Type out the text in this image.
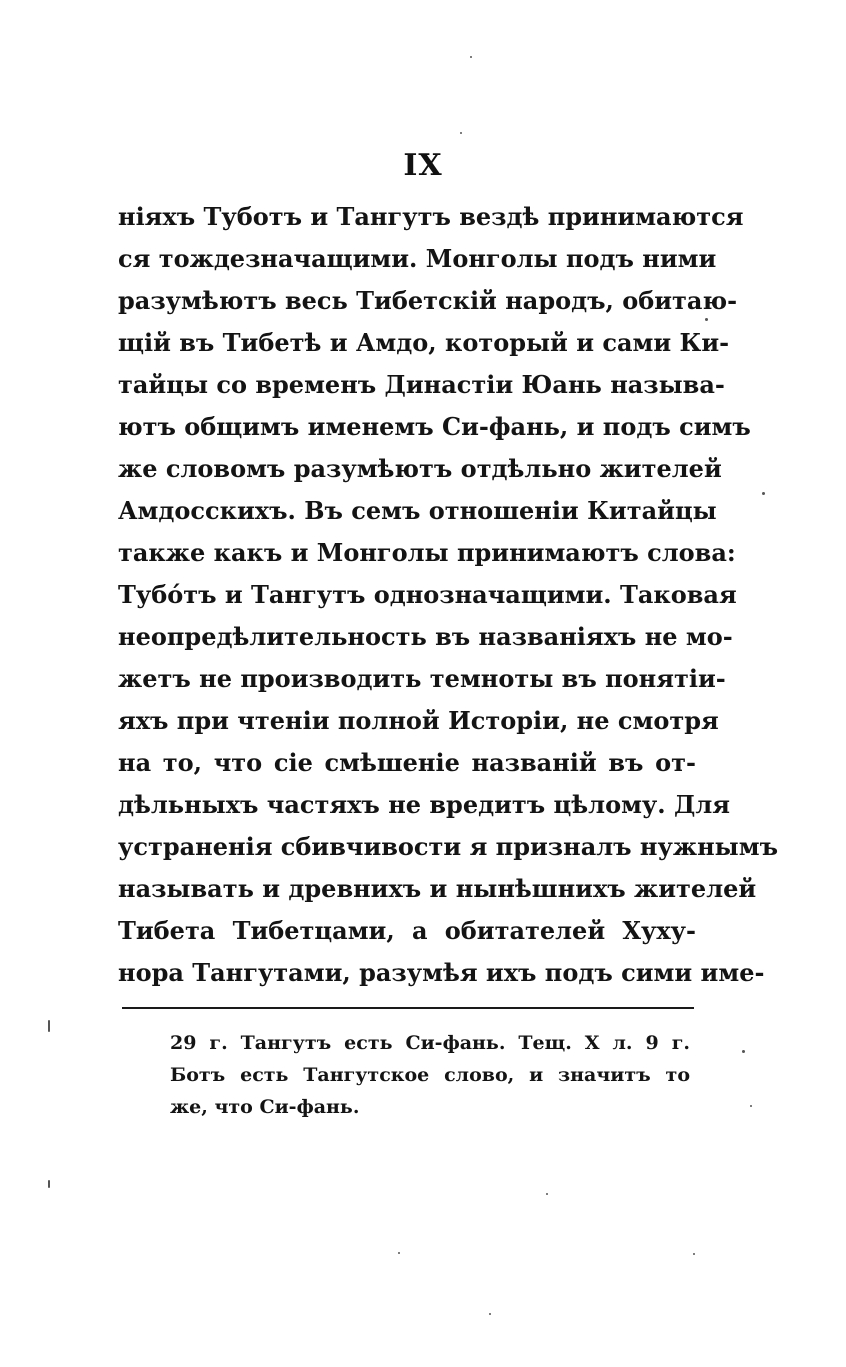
IX
ніяхъ Туботъ и Тангутъ вездѣ принимаются
ся тождезначащими. Монголы подъ ними
разумѣютъ весь Тибетскій народъ, обитаю-
щій въ Тибетѣ и Амдо, который и сами Ки-
тайцы со временъ Династіи Юань называ-
ютъ общимъ именемъ Си-фань, и подъ симъ
же словомъ разумѣютъ отдѣльно жителей
Амдосскихъ. Въ семъ отношеніи Китайцы
также какъ и Монголы принимаютъ слова:
Тубо́тъ и Тангутъ однозначащими. Таковая
неопредѣлительность въ названіяхъ не мо-
жетъ не производить темноты въ понятіи-
яхъ при чтеніи полной Исторіи, не смотря
на то, что сіе смѣшеніе названій въ от-
дѣльныхъ частяхъ не вредитъ цѣлому. Для
устраненія сбивчивости я призналъ нужнымъ
называть и древнихъ и нынѣшнихъ жителей
Тибета Тибетцами, а обитателей Хуху-
нора Тангутами, разумѣя ихъ подъ сими име-
29 г. Тангутъ есть Си-фань. Тещ. Х л. 9 г.
Ботъ есть Тангутское слово, и значитъ то
же, что Си-фань.
